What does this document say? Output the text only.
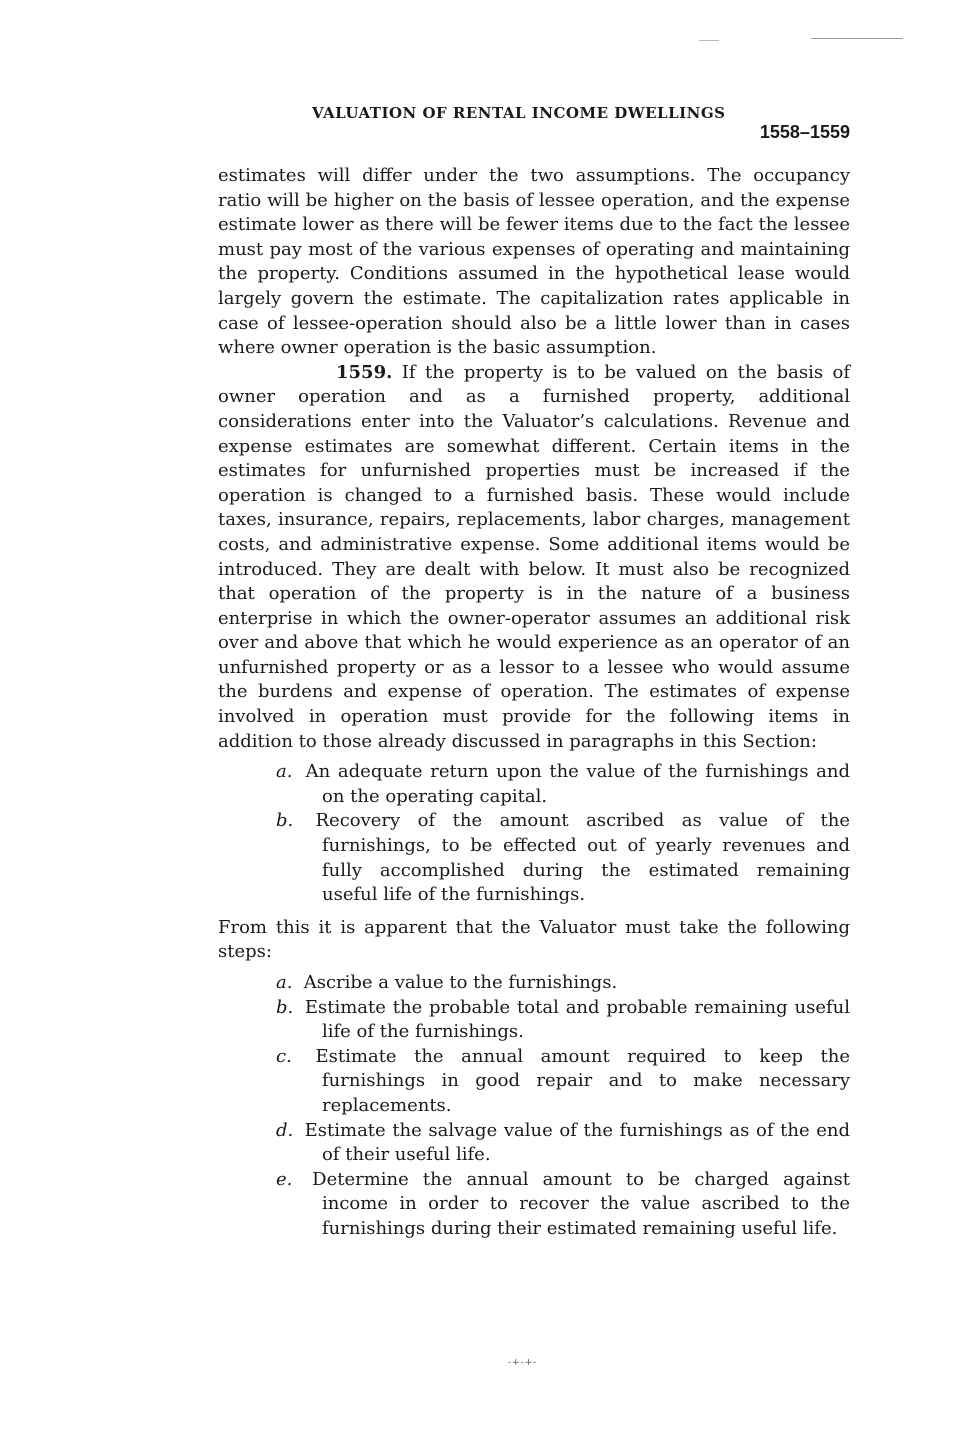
VALUATION OF RENTAL INCOME DWELLINGS
1558–1559

estimates will differ under the two assumptions. The occupancy ratio will be higher on the basis of lessee operation, and the expense estimate lower as there will be fewer items due to the fact the lessee must pay most of the various expenses of operating and maintaining the property. Conditions assumed in the hypothetical lease would largely govern the estimate. The capitalization rates applicable in case of lessee-operation should also be a little lower than in cases where owner operation is the basic assumption.

1559. If the property is to be valued on the basis of owner operation and as a furnished property, additional considerations enter into the Valuator’s calculations. Revenue and expense estimates are somewhat different. Certain items in the estimates for unfurnished properties must be increased if the operation is changed to a furnished basis. These would include taxes, insurance, repairs, replacements, labor charges, management costs, and administrative expense. Some additional items would be introduced. They are dealt with below. It must also be recognized that operation of the property is in the nature of a business enterprise in which the owner-operator assumes an additional risk over and above that which he would experience as an operator of an unfurnished property or as a lessor to a lessee who would assume the burdens and expense of operation. The estimates of expense involved in operation must provide for the following items in addition to those already discussed in paragraphs in this Section:

a. An adequate return upon the value of the furnishings and on the operating capital.
b. Recovery of the amount ascribed as value of the furnishings, to be effected out of yearly revenues and fully accomplished during the estimated remaining useful life of the furnishings.

From this it is apparent that the Valuator must take the following steps:

a. Ascribe a value to the furnishings.
b. Estimate the probable total and probable remaining useful life of the furnishings.
c. Estimate the annual amount required to keep the furnishings in good repair and to make necessary replacements.
d. Estimate the salvage value of the furnishings as of the end of their useful life.
e. Determine the annual amount to be charged against income in order to recover the value ascribed to the furnishings during their estimated remaining useful life.
-+-+-
